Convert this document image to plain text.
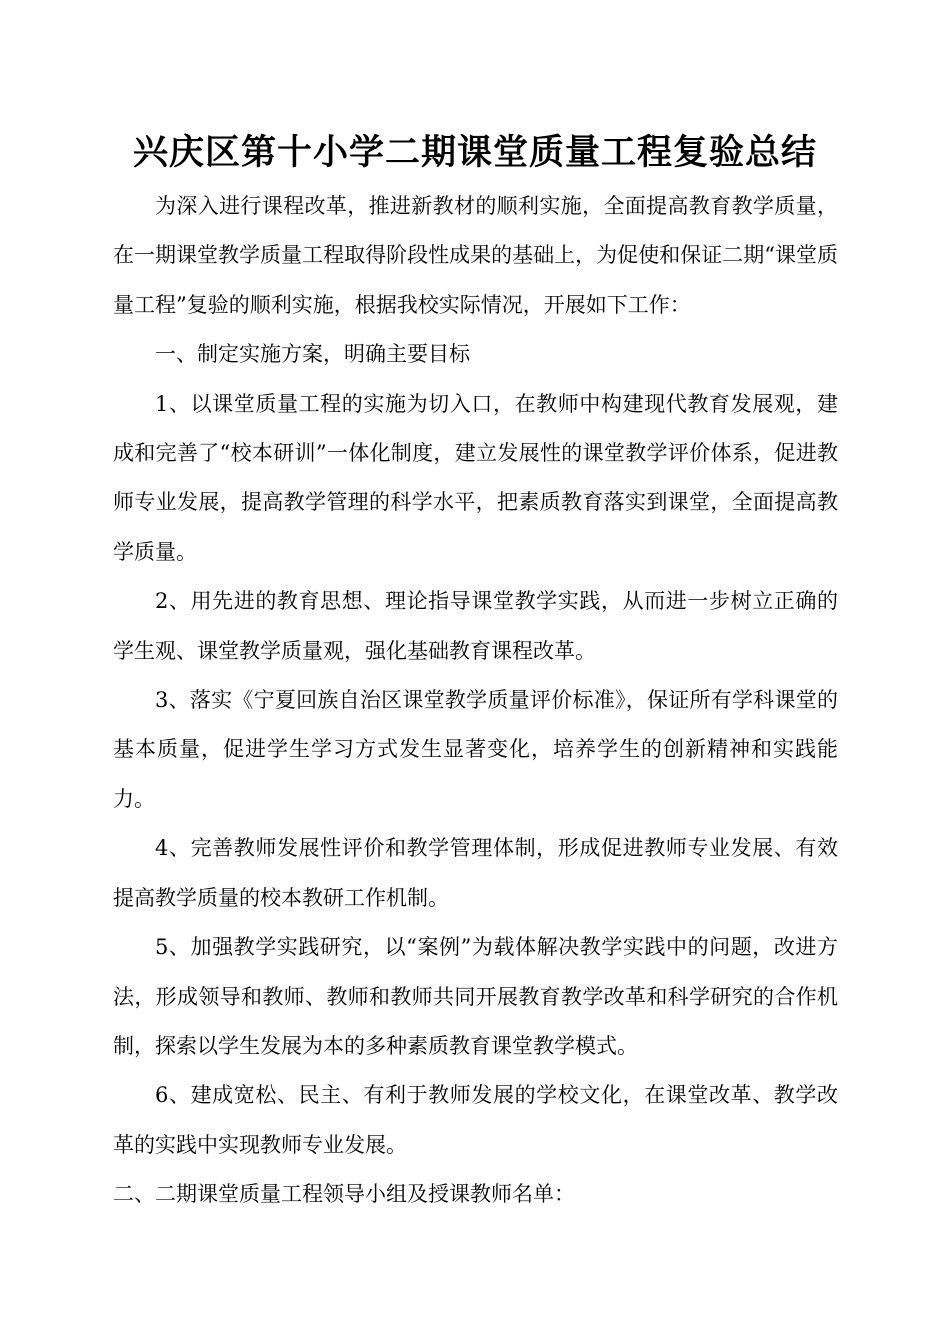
兴庆区第十小学二期课堂质量工程复验总结

为深入进行课程改革，推进新教材的顺利实施，全面提高教育教学质量，在一期课堂教学质量工程取得阶段性成果的基础上，为促使和保证二期“课堂质量工程”复验的顺利实施，根据我校实际情况，开展如下工作：

一、制定实施方案，明确主要目标

1、以课堂质量工程的实施为切入口，在教师中构建现代教育发展观，建成和完善了“校本研训”一体化制度，建立发展性的课堂教学评价体系，促进教师专业发展，提高教学管理的科学水平，把素质教育落实到课堂，全面提高教学质量。

2、用先进的教育思想、理论指导课堂教学实践，从而进一步树立正确的学生观、课堂教学质量观，强化基础教育课程改革。

3、落实《宁夏回族自治区课堂教学质量评价标准》，保证所有学科课堂的基本质量，促进学生学习方式发生显著变化，培养学生的创新精神和实践能力。

4、完善教师发展性评价和教学管理体制，形成促进教师专业发展、有效提高教学质量的校本教研工作机制。

5、加强教学实践研究，以“案例”为载体解决教学实践中的问题，改进方法，形成领导和教师、教师和教师共同开展教育教学改革和科学研究的合作机制，探索以学生发展为本的多种素质教育课堂教学模式。

6、建成宽松、民主、有利于教师发展的学校文化，在课堂改革、教学改革的实践中实现教师专业发展。

二、二期课堂质量工程领导小组及授课教师名单：
